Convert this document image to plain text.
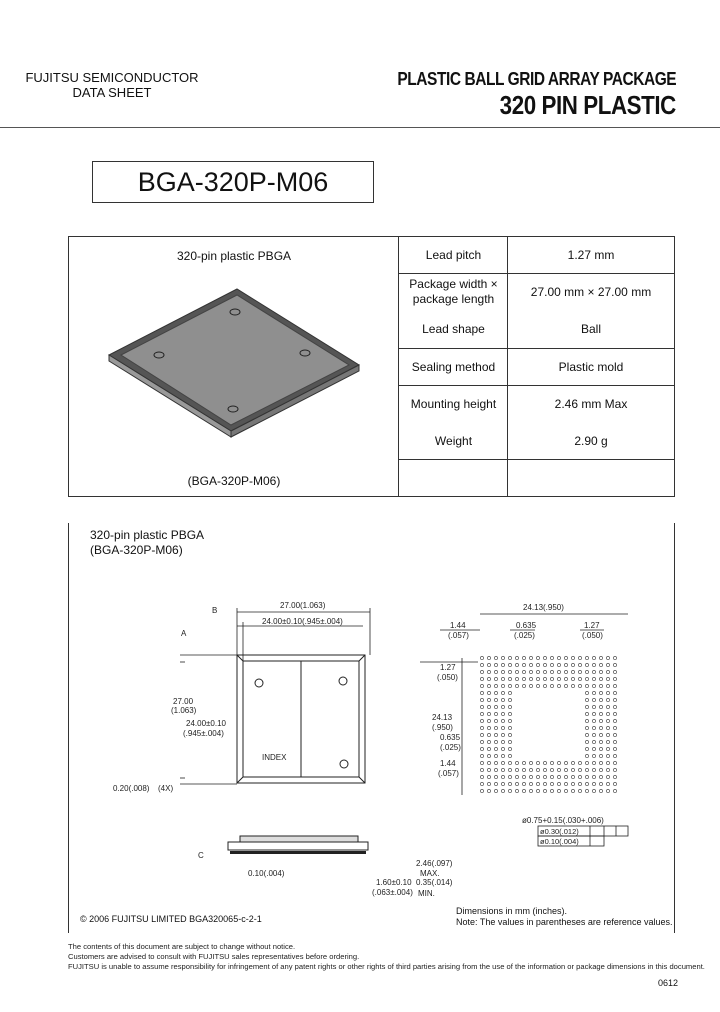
FUJITSU SEMICONDUCTOR
DATA SHEET
PLASTIC BALL GRID ARRAY PACKAGE
320 PIN PLASTIC
BGA-320P-M06
320-pin plastic PBGA
(BGA-320P-M06)
Lead pitch	1.27 mm
Package width × package length	27.00 mm × 27.00 mm
Lead shape	Ball
Sealing method	Plastic mold
Mounting height	2.46 mm Max
Weight	2.90 g
320-pin plastic PBGA
(BGA-320P-M06)
27.00(1.063)
24.00±0.10(.945±.004)
B
A
27.00
(1.063)
24.00±0.10
(.945±.004)
INDEX
0.20(.008) (4X)
C
0.10(.004)
2.46(.097)
MAX.
1.60±0.10
(.063±.004)
0.35(.014)
MIN.
24.13(.950)
1.44
(.057)
0.635
(.025)
1.27
(.050)
1.27
(.050)
24.13
(.950)
0.635
(.025)
1.44
(.057)
ø0.75+0.15(.030+.006)
ø0.30(.012)
ø0.10(.004)
Dimensions in mm (inches).
Note: The values in parentheses are reference values.
© 2006 FUJITSU LIMITED BGA320065-c-2-1
The contents of this document are subject to change without notice.
Customers are advised to consult with FUJITSU sales representatives before ordering.
FUJITSU is unable to assume responsibility for infringement of any patent rights or other rights of third parties arising from the use of the information or package dimensions in this document.
0612
